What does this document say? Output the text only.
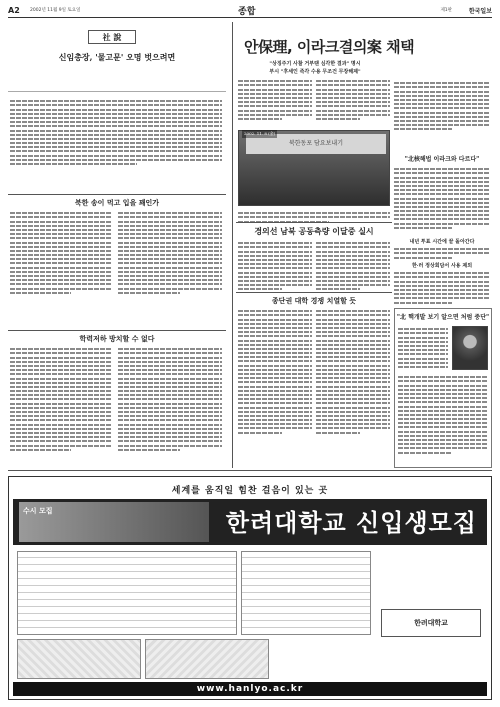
A2 2002년 11월 9일 토요일	종합	제1판	한국일보
社 說
신임총장, '물고문' 오명 벗으려면
북한 송이 먹고 입을 꽤인가
학력저하 방치할 수 없다
안保理, 이라크결의案 채택
"상징주기 사찰 거부땐 심각한 결과" 명시
부시 "후세인 즉각 수용 무조건 무장해제"
북한동포 담요보내기
2002. 11. 8 (金)
"北核해법 이라크와 다르다"
내년 투표 시간에 끝 돌아간다
한·러 정상회담서 사용 제외
경의선 남북 공동측량 이달중 실시
종단권 대학 경쟁 치열할 듯
"北 핵개발 보기 알으면 처럼 중단"
세계를 움직일 힘찬 걸음이 있는 곳
수시 모집	한려대학교 신입생모집
한려대학교
www.hanlyo.ac.kr
